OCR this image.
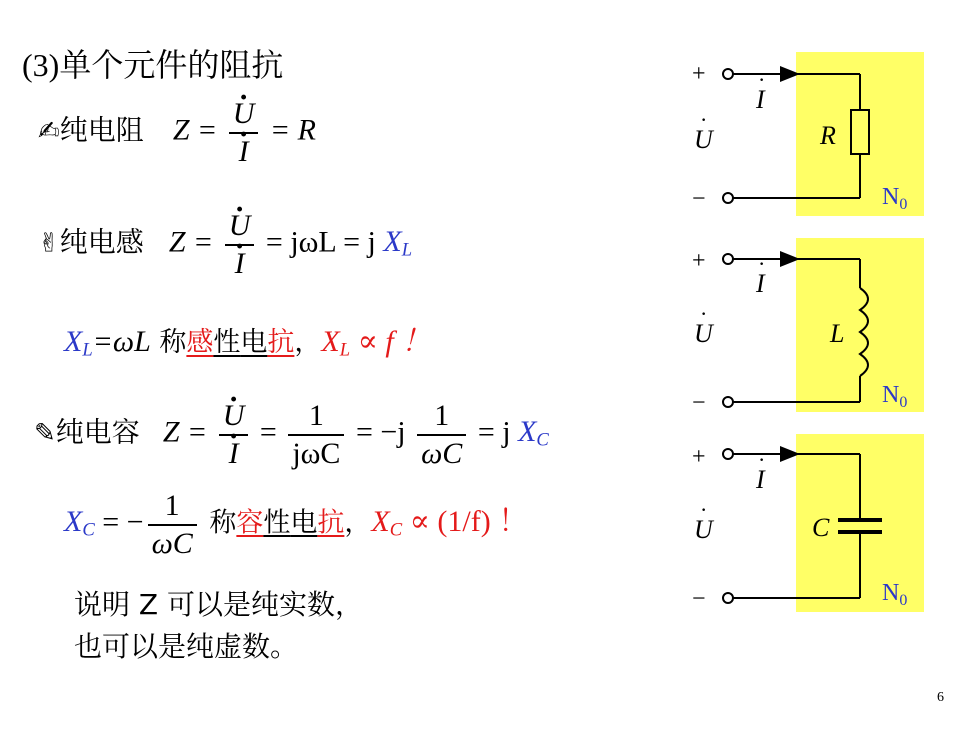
(3)单个元件的阻抗
✍纯电阻 Z = · U
· I = R
✌纯电感 Z = · U
· I = jωL = j $X_L$
$X_L=\omega L$ 称感性电抗，$X_L \propto f$ ！
✎纯电容 Z = · U
· $I = \frac{1}{\text{jωC}} = -j \frac{1}{\omega C} = j$ $X_C$
$X_C$ = − $\frac{1}{\omega C}$ 称容性电抗，$X_C \propto (1/f)$ ！
说明 Z 可以是纯实数，
也可以是纯虚数。
+
−
I
·
U
·
R
$N_0$
+
−
I
·
U
·
L
$N_0$
+
−
I
·
U
·
C
$N_0$
6
